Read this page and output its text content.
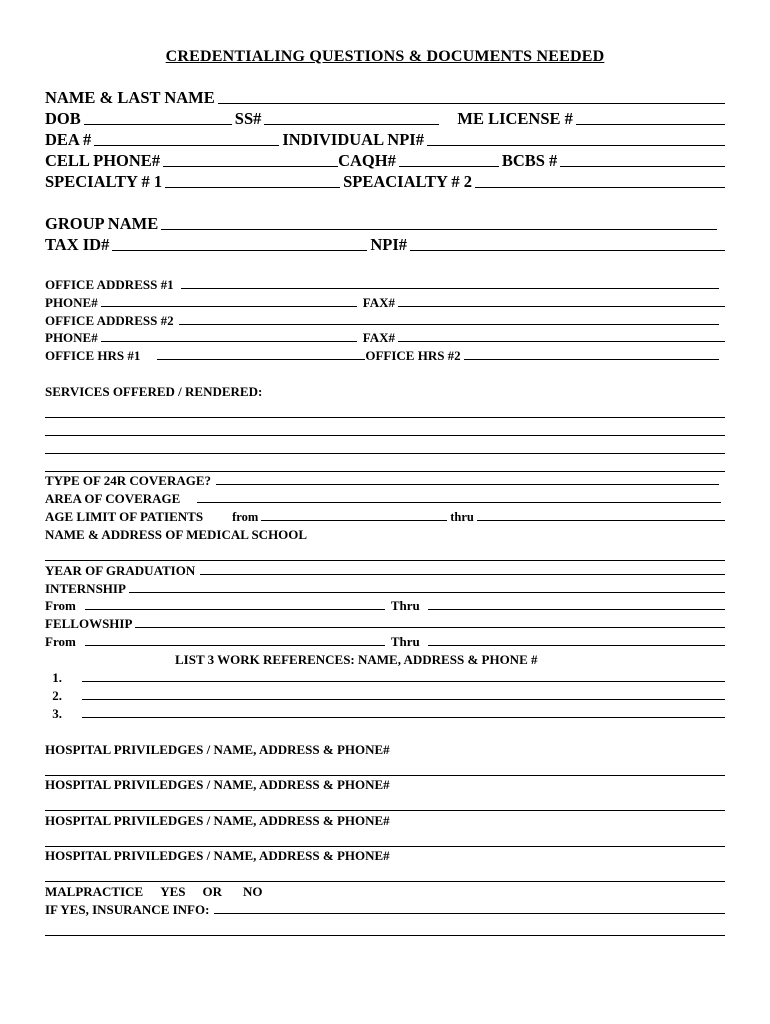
CREDENTIALING QUESTIONS & DOCUMENTS NEEDED
NAME & LAST NAME
DOB	SS#	ME LICENSE #
DEA #	INDIVIDUAL NPI#
CELL PHONE#	CAQH#	BCBS #
SPECIALTY # 1	SPEACIALTY # 2
GROUP NAME
TAX ID#	NPI#
OFFICE ADDRESS #1
PHONE#	FAX#
OFFICE ADDRESS #2
PHONE#	FAX#
OFFICE HRS #1	OFFICE HRS #2
SERVICES OFFERED / RENDERED:
TYPE OF 24R COVERAGE?
AREA OF COVERAGE
AGE LIMIT OF PATIENTS	from	thru
NAME & ADDRESS OF MEDICAL SCHOOL
YEAR OF GRADUATION
INTERNSHIP
From	Thru
FELLOWSHIP
From	Thru
LIST 3 WORK REFERENCES: NAME, ADDRESS & PHONE #
1.
2.
3.
HOSPITAL PRIVILEDGES / NAME, ADDRESS & PHONE#
HOSPITAL PRIVILEDGES / NAME, ADDRESS & PHONE#
HOSPITAL PRIVILEDGES / NAME, ADDRESS & PHONE#
HOSPITAL PRIVILEDGES / NAME, ADDRESS & PHONE#
MALPRACTICE	YES	OR	NO
IF YES, INSURANCE INFO:
